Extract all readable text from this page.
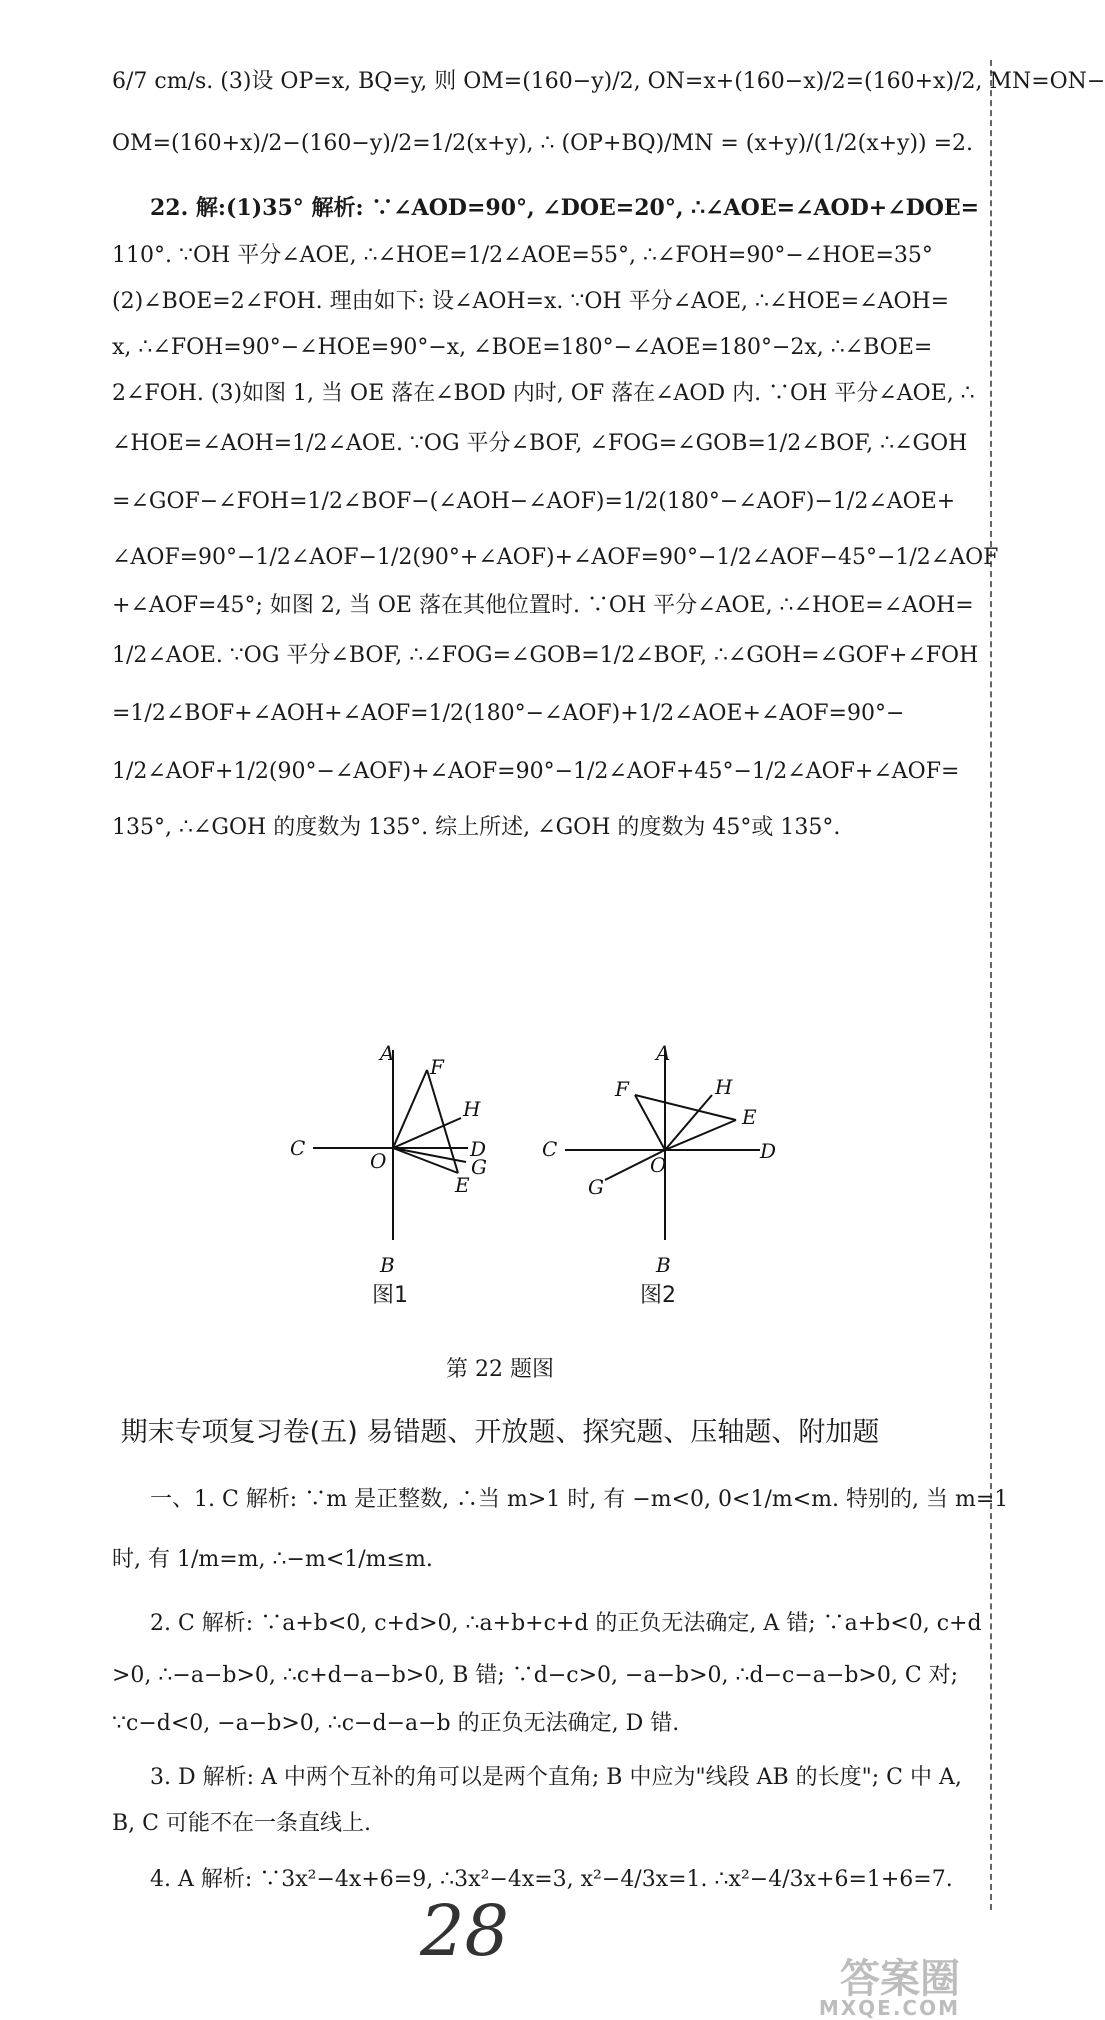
6/7 cm/s. (3)设 OP=x, BQ=y, 则 OM=(160−y)/2, ON=x+(160−x)/2=(160+x)/2, MN=ON−
OM=(160+x)/2−(160−y)/2=1/2(x+y), ∴ (OP+BQ)/MN = (x+y)/(1/2(x+y)) =2.
22. 解:(1)35° 解析: ∵∠AOD=90°, ∠DOE=20°, ∴∠AOE=∠AOD+∠DOE=
110°. ∵OH 平分∠AOE, ∴∠HOE=1/2∠AOE=55°, ∴∠FOH=90°−∠HOE=35°
(2)∠BOE=2∠FOH. 理由如下: 设∠AOH=x. ∵OH 平分∠AOE, ∴∠HOE=∠AOH=
x, ∴∠FOH=90°−∠HOE=90°−x, ∠BOE=180°−∠AOE=180°−2x, ∴∠BOE=
2∠FOH. (3)如图 1, 当 OE 落在∠BOD 内时, OF 落在∠AOD 内. ∵OH 平分∠AOE, ∴
∠HOE=∠AOH=1/2∠AOE. ∵OG 平分∠BOF, ∠FOG=∠GOB=1/2∠BOF, ∴∠GOH
=∠GOF−∠FOH=1/2∠BOF−(∠AOH−∠AOF)=1/2(180°−∠AOF)−1/2∠AOE+
∠AOF=90°−1/2∠AOF−1/2(90°+∠AOF)+∠AOF=90°−1/2∠AOF−45°−1/2∠AOF
+∠AOF=45°; 如图 2, 当 OE 落在其他位置时. ∵OH 平分∠AOE, ∴∠HOE=∠AOH=
1/2∠AOE. ∵OG 平分∠BOF, ∴∠FOG=∠GOB=1/2∠BOF, ∴∠GOH=∠GOF+∠FOH
=1/2∠BOF+∠AOH+∠AOF=1/2(180°−∠AOF)+1/2∠AOE+∠AOF=90°−
1/2∠AOF+1/2(90°−∠AOF)+∠AOF=90°−1/2∠AOF+45°−1/2∠AOF+∠AOF=
135°, ∴∠GOH 的度数为 135°. 综上所述, ∠GOH 的度数为 45°或 135°.
A
F
H
C
O	D
G
E
B
A
F	H
E
C
O
D
G
B
图1	图2
第 22 题图
期末专项复习卷(五) 易错题、开放题、探究题、压轴题、附加题
一、1. C 解析: ∵m 是正整数, ∴当 m>1 时, 有 −m<0, 0<1/m<m. 特别的, 当 m=1
时, 有 1/m=m, ∴−m<1/m≤m.
2. C 解析: ∵a+b<0, c+d>0, ∴a+b+c+d 的正负无法确定, A 错; ∵a+b<0, c+d
>0, ∴−a−b>0, ∴c+d−a−b>0, B 错; ∵d−c>0, −a−b>0, ∴d−c−a−b>0, C 对;
∵c−d<0, −a−b>0, ∴c−d−a−b 的正负无法确定, D 错.
3. D 解析: A 中两个互补的角可以是两个直角; B 中应为"线段 AB 的长度"; C 中 A,
B, C 可能不在一条直线上.
4. A 解析: ∵3x²−4x+6=9, ∴3x²−4x=3, x²−4/3x=1. ∴x²−4/3x+6=1+6=7.
28
答案圈
MXQE.COM
